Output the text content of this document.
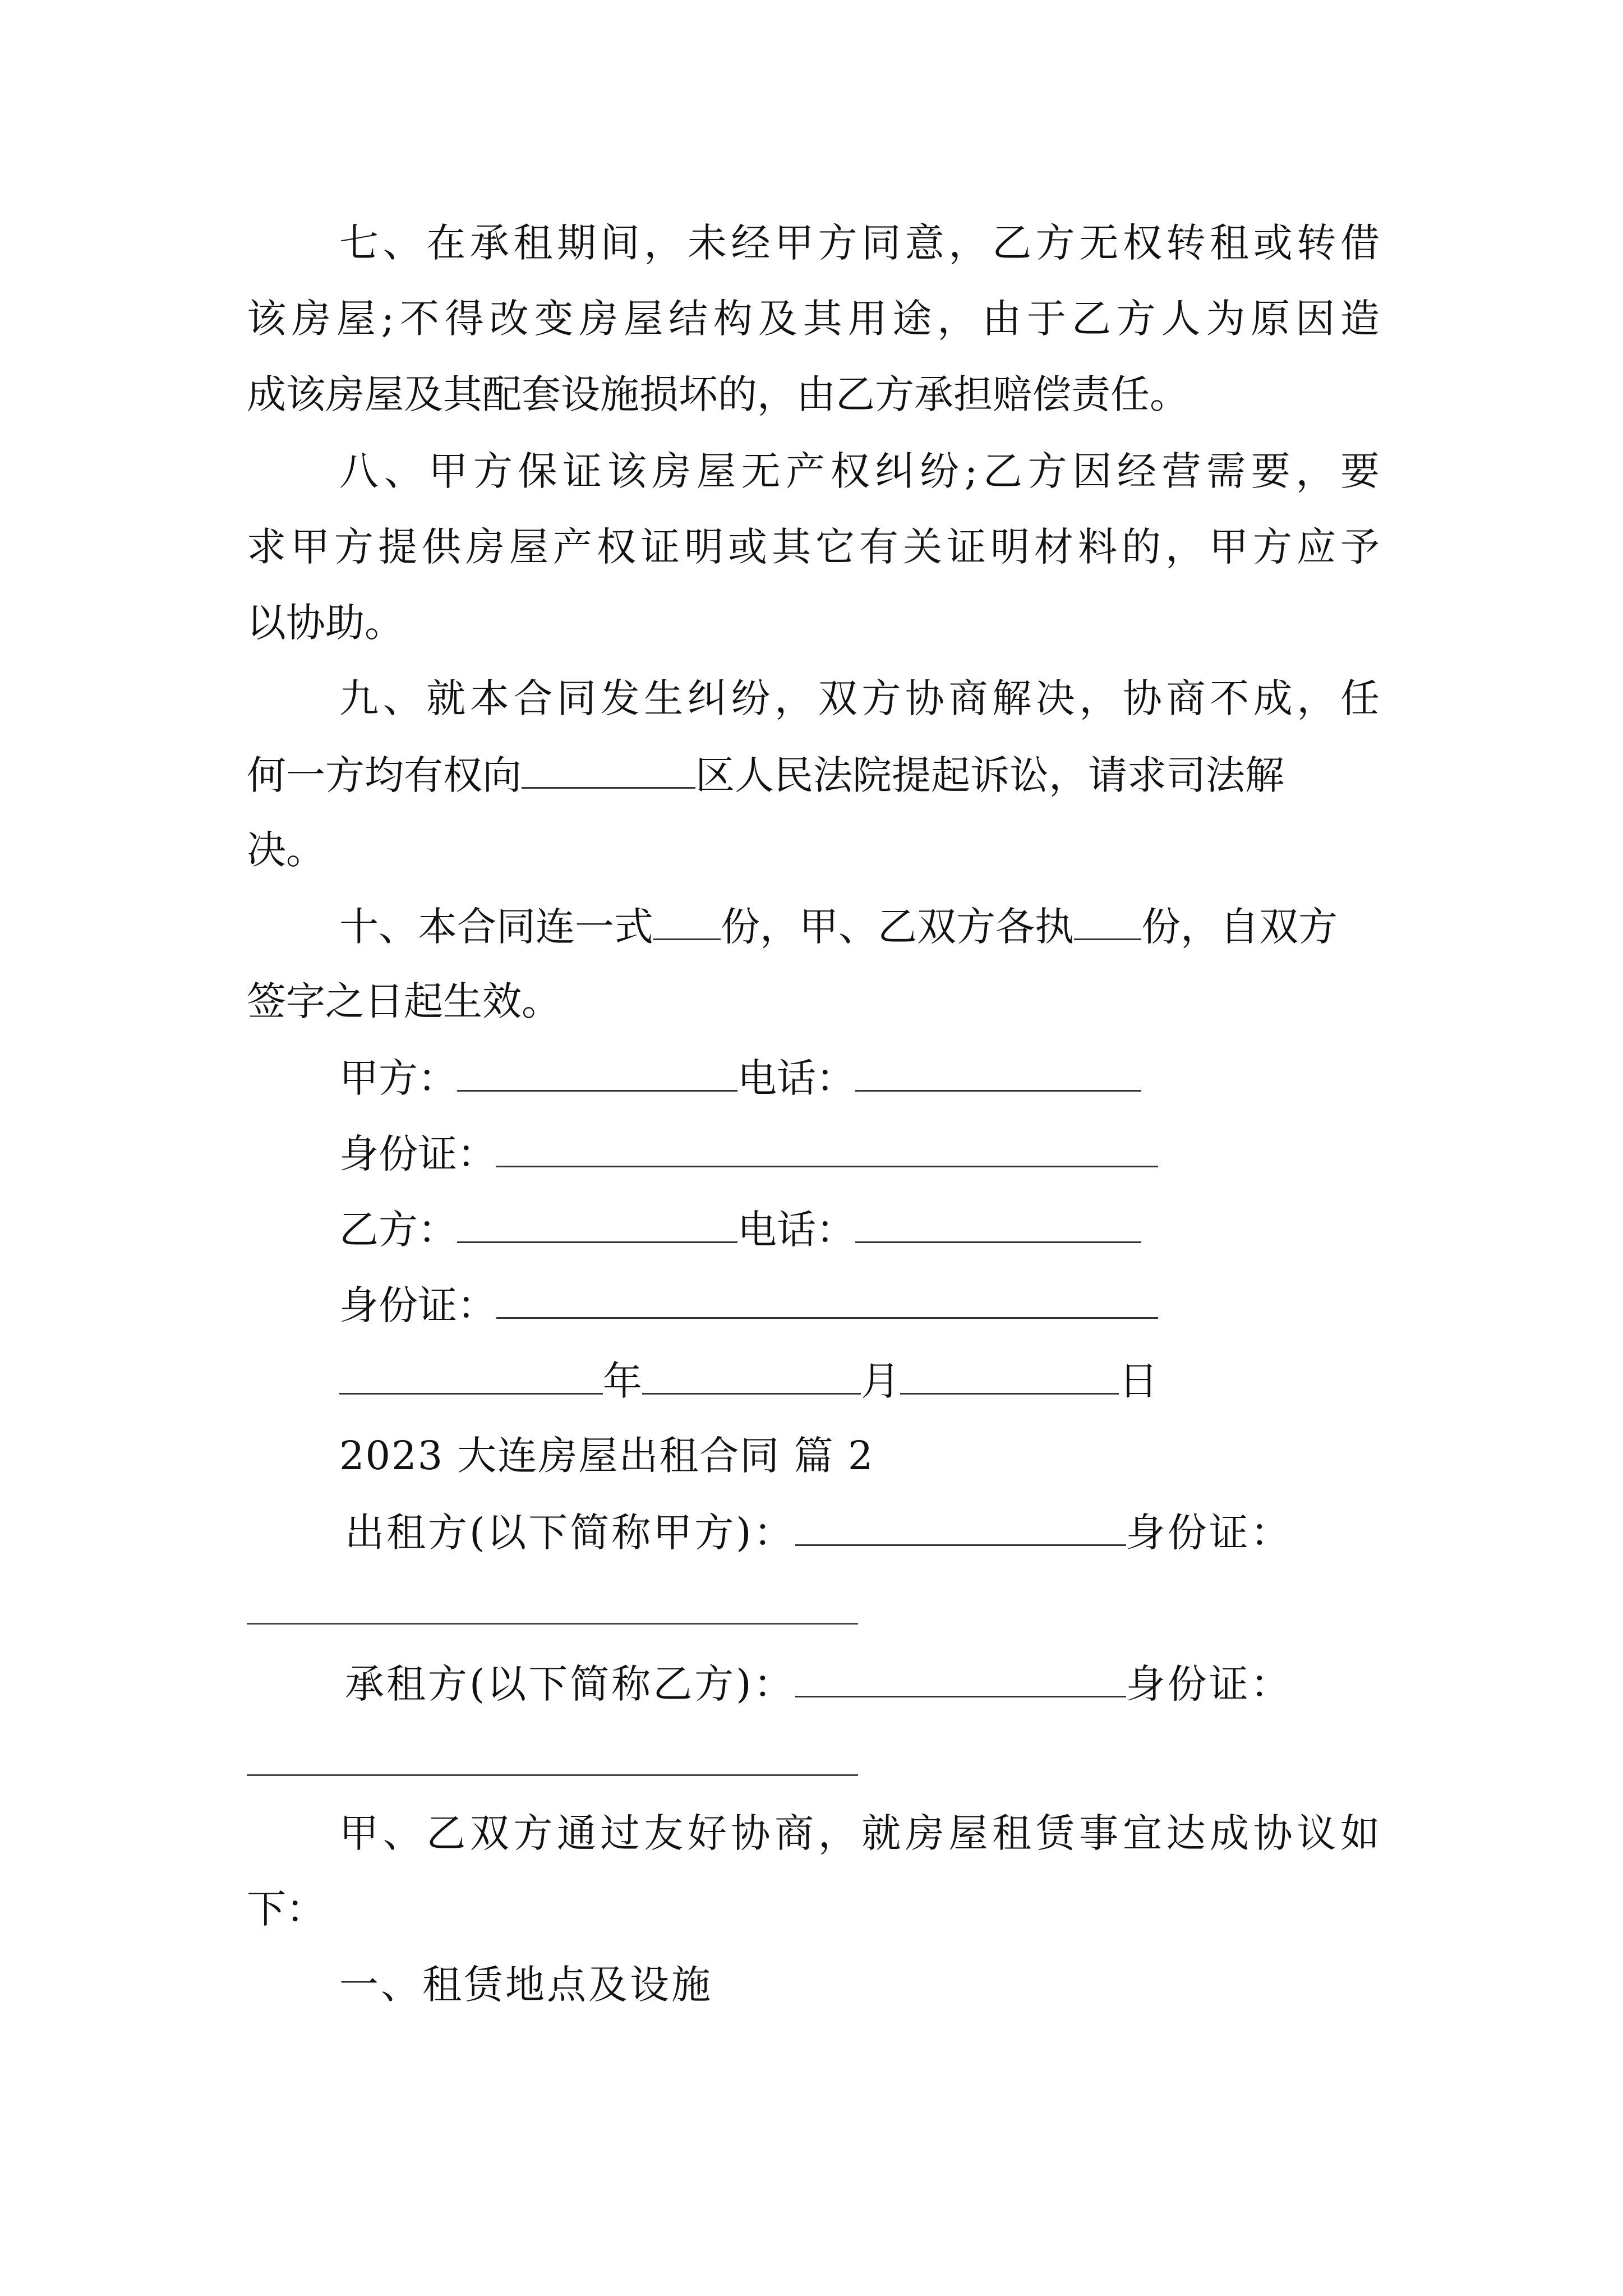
七、在承租期间，未经甲方同意，乙方无权转租或转借
该房屋;不得改变房屋结构及其用途，由于乙方人为原因造
成该房屋及其配套设施损坏的，由乙方承担赔偿责任。
八、甲方保证该房屋无产权纠纷;乙方因经营需要，要
求甲方提供房屋产权证明或其它有关证明材料的，甲方应予
以协助。
九、就本合同发生纠纷，双方协商解决，协商不成，任
何一方均有权向	区人民法院提起诉讼，请求司法解
决。
十、本合同连一式 份，甲、乙双方各执 份，自双方
签字之日起生效。
甲方：	电话：
身份证：
乙方：	电话：
身份证：
年	月	日
2023 大连房屋出租合同 篇 2
出租方(以下简称甲方)：	身份证：
承租方(以下简称乙方)：	身份证：
甲、乙双方通过友好协商，就房屋租赁事宜达成协议如
下：
一、租赁地点及设施
